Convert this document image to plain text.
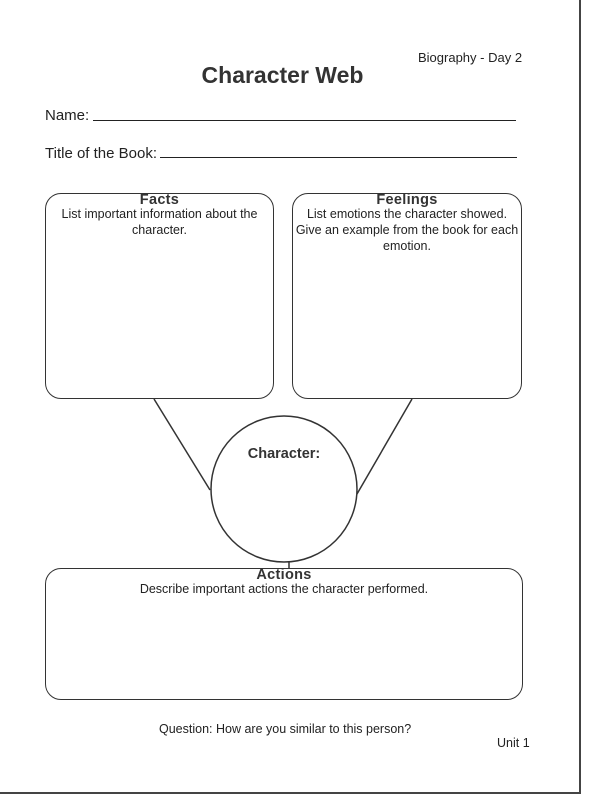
Biography - Day 2
Character Web
Name:
Title of the Book:
Facts
List important information about the
character.
Feelings
List emotions the character showed.
Give an example from the book for each
emotion.
Character:
Actions
Describe important actions the character performed.
Question: How are you similar to this person?
Unit 1
